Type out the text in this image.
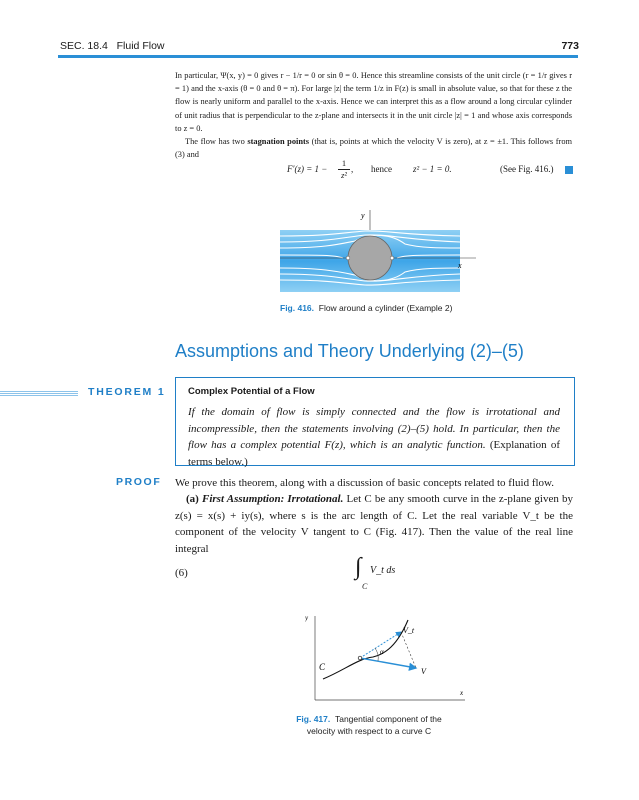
SEC. 18.4 Fluid Flow	773

In particular, Ψ(x, y) = 0 gives r − 1/r = 0 or sin θ = 0. Hence this streamline consists of the unit circle (r = 1/r gives r = 1) and the x-axis (θ = 0 and θ = π). For large |z| the term 1/z in F(z) is small in absolute value, so that for these z the flow is nearly uniform and parallel to the x-axis. Hence we can interpret this as a flow around a long circular cylinder of unit radius that is perpendicular to the z-plane and intersects it in the unit circle |z| = 1 and whose axis corresponds to z = 0.

The flow has two stagnation points (that is, points at which the velocity V is zero), at z = ±1. This follows from (3) and

$F'(z) = 1 - \frac{1}{\text{z²}}$ , hence z² − 1 = 0.	(See Fig. 416.)
y
x
Fig. 416. Flow around a cylinder (Example 2)
Assumptions and Theory Underlying (2)–(5)
THEOREM 1 Complex Potential of a Flow
If the domain of flow is simply connected and the flow is irrotational and incompressible, then the statements involving (2)–(5) hold. In particular, then the flow has a complex potential F(z), which is an analytic function. (Explanation of terms below.)
PROOF We prove this theorem, along with a discussion of basic concepts related to fluid flow.

(a) First Assumption: Irrotational. Let C be any smooth curve in the z-plane given by z(s) = x(s) + iy(s), where s is the arc length of C. Let the real variable V_t be the component of the velocity V tangent to C (Fig. 417). Then the value of the real line integral

(6)	∫ V_t ds
C
y
x
C
α
V
V_t
Fig. 417. Tangential component of the
velocity with respect to a curve C
